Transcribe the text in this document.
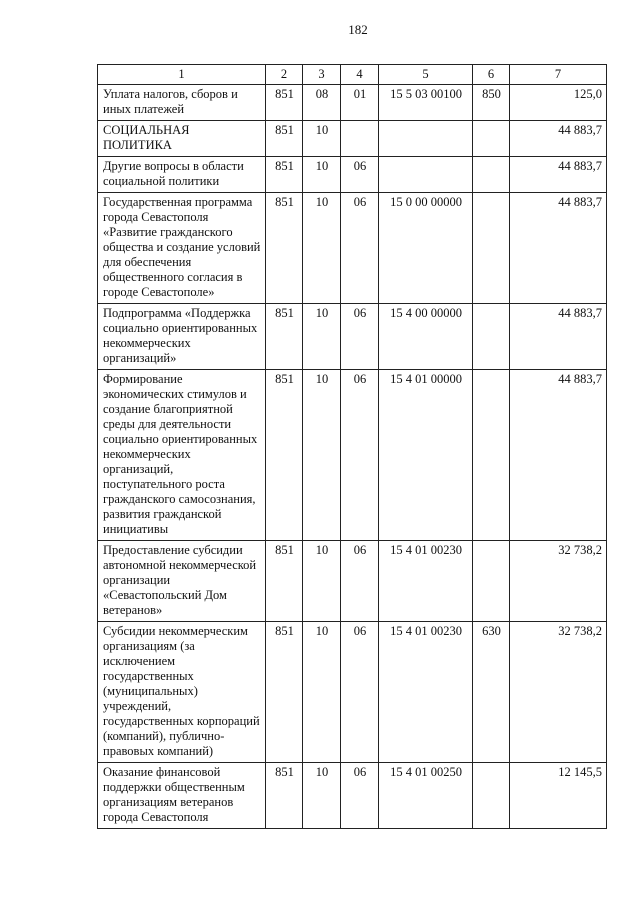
182
1	2	3	4	5	6	7
Уплата налогов, сборов и иных платежей	851	08	01	15 5 03 00100	850	125,0
СОЦИАЛЬНАЯ ПОЛИТИКА	851	10				44 883,7
Другие вопросы в области социальной политики	851	10	06			44 883,7
Государственная программа города Севастополя «Развитие гражданского общества и создание условий для обеспечения общественного согласия в городе Севастополе»	851	10	06	15 0 00 00000		44 883,7
Подпрограмма «Поддержка социально ориентированных некоммерческих организаций»	851	10	06	15 4 00 00000		44 883,7
Формирование экономических стимулов и создание благоприятной среды для деятельности социально ориентированных некоммерческих организаций, поступательного роста гражданского самосознания, развития гражданской инициативы	851	10	06	15 4 01 00000		44 883,7
Предоставление субсидии автономной некоммерческой организации «Севастопольский Дом ветеранов»	851	10	06	15 4 01 00230		32 738,2
Субсидии некоммерческим организациям (за исключением государственных (муниципальных) учреждений, государственных корпораций (компаний), публично-правовых компаний)	851	10	06	15 4 01 00230	630	32 738,2
Оказание финансовой поддержки общественным организациям ветеранов города Севастополя	851	10	06	15 4 01 00250		12 145,5
